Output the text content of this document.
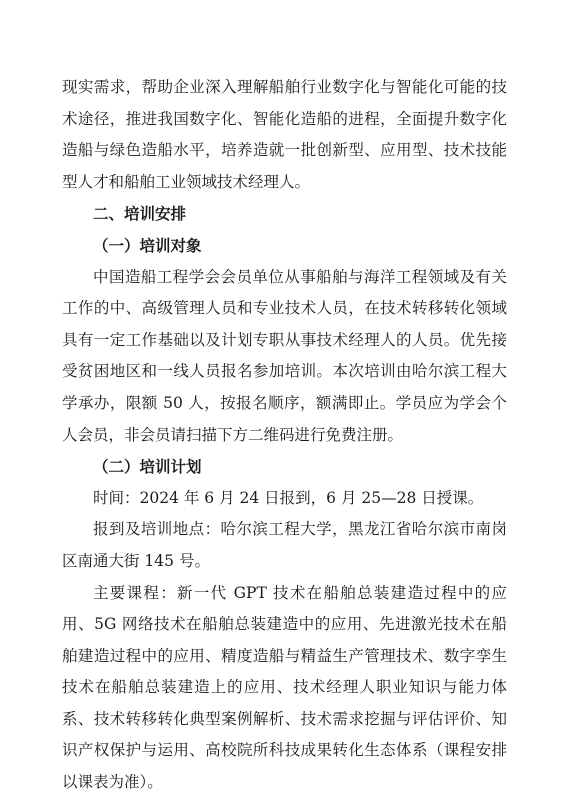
现实需求，帮助企业深入理解船舶行业数字化与智能化可能的技术途径，推进我国数字化、智能化造船的进程，全面提升数字化造船与绿色造船水平，培养造就一批创新型、应用型、技术技能型人才和船舶工业领域技术经理人。

二、培训安排

（一）培训对象

中国造船工程学会会员单位从事船舶与海洋工程领域及有关工作的中、高级管理人员和专业技术人员，在技术转移转化领域具有一定工作基础以及计划专职从事技术经理人的人员。优先接受贫困地区和一线人员报名参加培训。本次培训由哈尔滨工程大学承办，限额 50 人，按报名顺序，额满即止。学员应为学会个人会员，非会员请扫描下方二维码进行免费注册。

（二）培训计划

时间：2024 年 6 月 24 日报到，6 月 25—28 日授课。

报到及培训地点：哈尔滨工程大学，黑龙江省哈尔滨市南岗区南通大街 145 号。

主要课程：新一代 GPT 技术在船舶总装建造过程中的应用、5G 网络技术在船舶总装建造中的应用、先进激光技术在船舶建造过程中的应用、精度造船与精益生产管理技术、数字孪生技术在船舶总装建造上的应用、技术经理人职业知识与能力体系、技术转移转化典型案例解析、技术需求挖掘与评估评价、知识产权保护与运用、高校院所科技成果转化生态体系（课程安排以课表为准）。
